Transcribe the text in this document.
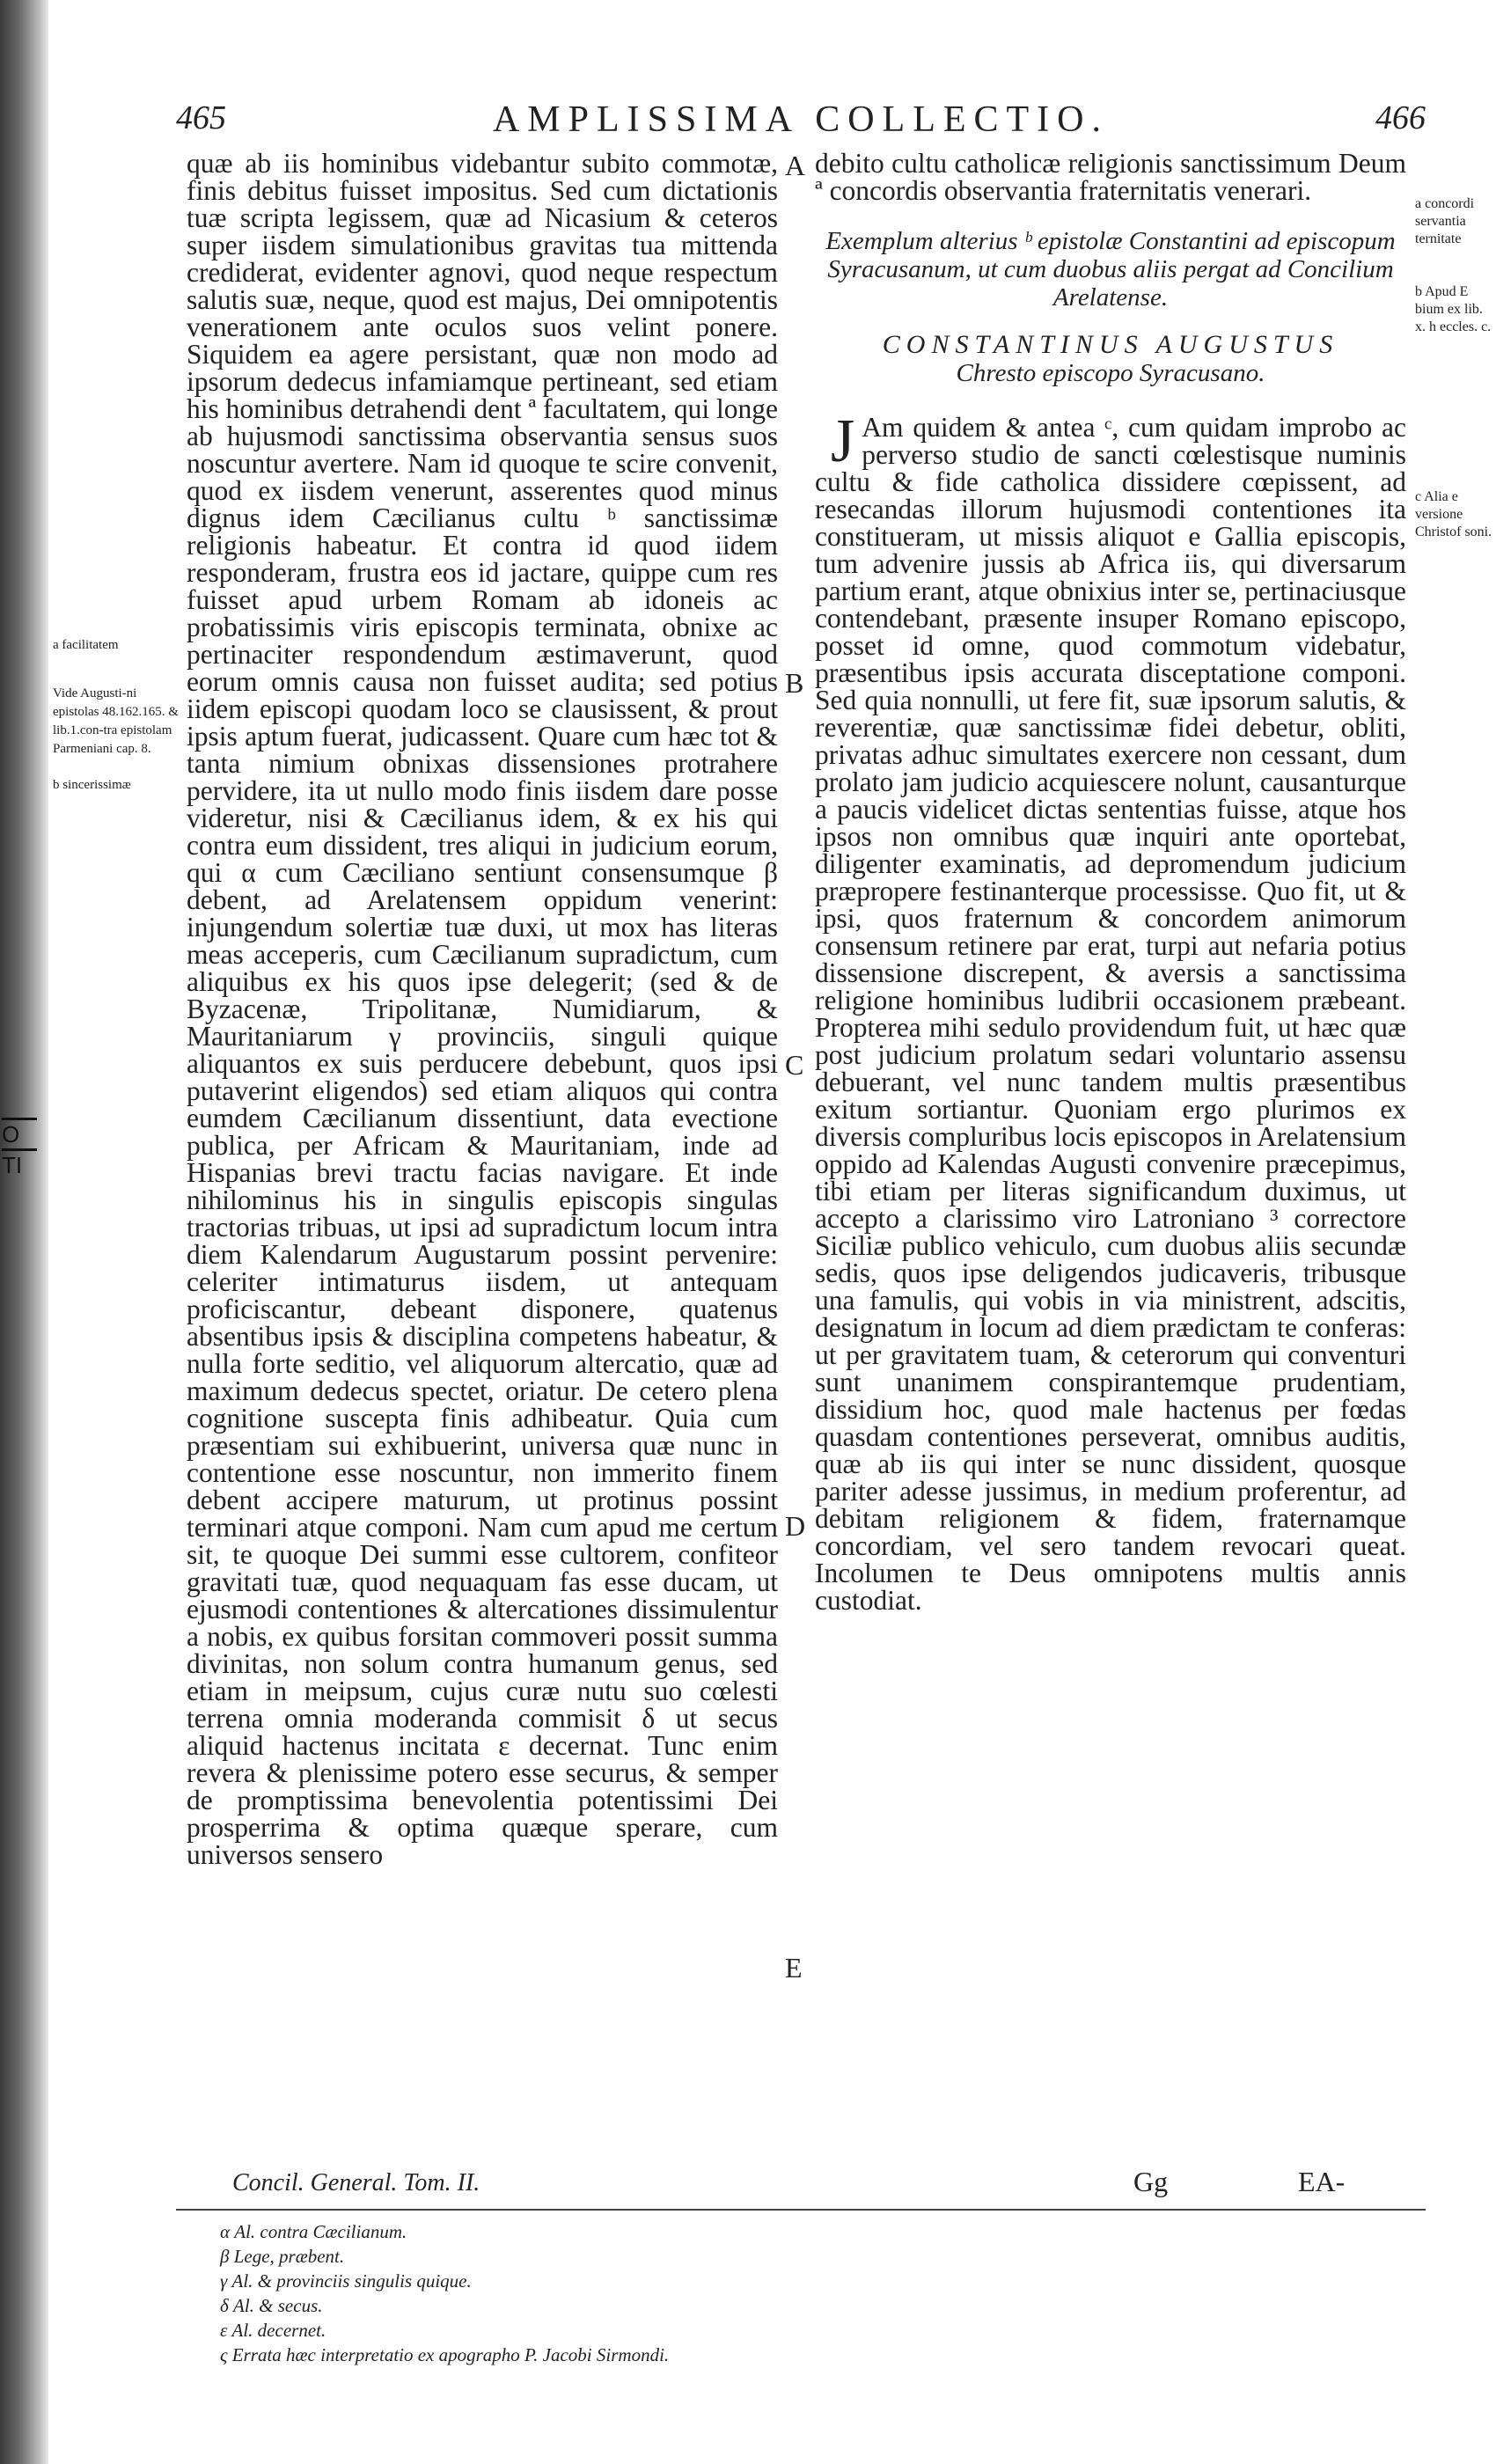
O

TI
465	AMPLISSIMA COLLECTIO.	466
a facilitatem
Vide Augusti-ni epistolas 48.162.165. & lib.1.con-tra epistolam Parmeniani cap. 8.
b sincerissimæ

quæ ab iis hominibus videbantur subito commotæ, finis debitus fuisset impositus. Sed cum dictationis tuæ scripta legissem, quæ ad Nicasium & ceteros super iisdem simulationibus gravitas tua mittenda crediderat, evidenter agnovi, quod neque respectum salutis suæ, neque, quod est majus, Dei omnipotentis venerationem ante oculos suos velint ponere. Siquidem ea agere persistant, quæ non modo ad ipsorum dedecus infamiamque pertineant, sed etiam his hominibus detrahendi dent ª facultatem, qui longe ab hujusmodi sanctissima observantia sensus suos noscuntur avertere. Nam id quoque te scire convenit, quod ex iisdem venerunt, asserentes quod minus dignus idem Cæcilianus cultu ᵇ sanctissimæ religionis habeatur. Et contra id quod iidem responderam, frustra eos id jactare, quippe cum res fuisset apud urbem Romam ab idoneis ac probatissimis viris episcopis terminata, obnixe ac pertinaciter respondendum æstimaverunt, quod eorum omnis causa non fuisset audita; sed potius iidem episcopi quodam loco se clausissent, & prout ipsis aptum fuerat, judicassent. Quare cum hæc tot & tanta nimium obnixas dissensiones protrahere pervidere, ita ut nullo modo finis iisdem dare posse videretur, nisi & Cæcilianus idem, & ex his qui contra eum dissident, tres aliqui in judicium eorum, qui α cum Cæciliano sentiunt consensumque β debent, ad Arelatensem oppidum venerint: injungendum solertiæ tuæ duxi, ut mox has literas meas acceperis, cum Cæcilianum supradictum, cum aliquibus ex his quos ipse delegerit; (sed & de Byzacenæ, Tripolitanæ, Numidiarum, & Mauritaniarum γ provinciis, singuli quique aliquantos ex suis perducere debebunt, quos ipsi putaverint eligendos) sed etiam aliquos qui contra eumdem Cæcilianum dissentiunt, data evectione publica, per Africam & Mauritaniam, inde ad Hispanias brevi tractu facias navigare. Et inde nihilominus his in singulis episcopis singulas tractorias tribuas, ut ipsi ad supradictum locum intra diem Kalendarum Augustarum possint pervenire: celeriter intimaturus iisdem, ut antequam proficiscantur, debeant disponere, quatenus absentibus ipsis & disciplina competens habeatur, & nulla forte seditio, vel aliquorum altercatio, quæ ad maximum dedecus spectet, oriatur. De cetero plena cognitione suscepta finis adhibeatur. Quia cum præsentiam sui exhibuerint, universa quæ nunc in contentione esse noscuntur, non immerito finem debent accipere maturum, ut protinus possint terminari atque componi. Nam cum apud me certum sit, te quoque Dei summi esse cultorem, confiteor gravitati tuæ, quod nequaquam fas esse ducam, ut ejusmodi contentiones & altercationes dissimulentur a nobis, ex quibus forsitan commoveri possit summa divinitas, non solum contra humanum genus, sed etiam in meipsum, cujus curæ nutu suo cœlesti terrena omnia moderanda commisit δ ut secus aliquid hactenus incitata ε decernat. Tunc enim revera & plenissime potero esse securus, & semper de promptissima benevolentia potentissimi Dei prosperrima & optima quæque sperare, cum universos sensero

A
B
C
D
E

debito cultu catholicæ religionis sanctissimum Deum ª concordis observantia fraternitatis venerari.

Exemplum alterius ᵇ epistolæ Constantini ad episcopum Syracusanum, ut cum duobus aliis pergat ad Concilium Arelatense.
CONSTANTINUS AUGUSTUS
Chresto episcopo Syracusano.

J Am quidem & antea ᶜ, cum quidam improbo ac perverso studio de sancti cœlestisque numinis cultu & fide catholica dissidere cœpissent, ad resecandas illorum hujusmodi contentiones ita constitueram, ut missis aliquot e Gallia episcopis, tum advenire jussis ab Africa iis, qui diversarum partium erant, atque obnixius inter se, pertinaciusque contendebant, præsente insuper Romano episcopo, posset id omne, quod commotum videbatur, præsentibus ipsis accurata disceptatione componi. Sed quia nonnulli, ut fere fit, suæ ipsorum salutis, & reverentiæ, quæ sanctissimæ fidei debetur, obliti, privatas adhuc simultates exercere non cessant, dum prolato jam judicio acquiescere nolunt, causanturque a paucis videlicet dictas sententias fuisse, atque hos ipsos non omnibus quæ inquiri ante oportebat, diligenter examinatis, ad depromendum judicium præpropere festinanterque processisse. Quo fit, ut & ipsi, quos fraternum & concordem animorum consensum retinere par erat, turpi aut nefaria potius dissensione discrepent, & aversis a sanctissima religione hominibus ludibrii occasionem præbeant. Propterea mihi sedulo providendum fuit, ut hæc quæ post judicium prolatum sedari voluntario assensu debuerant, vel nunc tandem multis præsentibus exitum sortiantur. Quoniam ergo plurimos ex diversis compluribus locis episcopos in Arelatensium oppido ad Kalendas Augusti convenire præcepimus, tibi etiam per literas significandum duximus, ut accepto a clarissimo viro Latroniano ³ correctore Siciliæ publico vehiculo, cum duobus aliis secundæ sedis, quos ipse deligendos judicaveris, tribusque una famulis, qui vobis in via ministrent, adscitis, designatum in locum ad diem prædictam te conferas: ut per gravitatem tuam, & ceterorum qui conventuri sunt unanimem conspirantemque prudentiam, dissidium hoc, quod male hactenus per fœdas quasdam contentiones perseverat, omnibus auditis, quæ ab iis qui inter se nunc dissident, quosque pariter adesse jussimus, in medium proferentur, ad debitam religionem & fidem, fraternamque concordiam, vel sero tandem revocari queat. Incolumen te Deus omnipotens multis annis custodiat.

a concordi servantia ternitate
b Apud E bium ex lib. x. h eccles. c.
c Alia e versione Christof soni.
Concil. General. Tom. II.	Gg	EA-
α Al. contra Cæcilianum.
β Lege, præbent.
γ Al. & provinciis singulis quique.
δ Al. & secus.
ε Al. decernet.
ς Errata hæc interpretatio ex apographo P. Jacobi Sirmondi.
